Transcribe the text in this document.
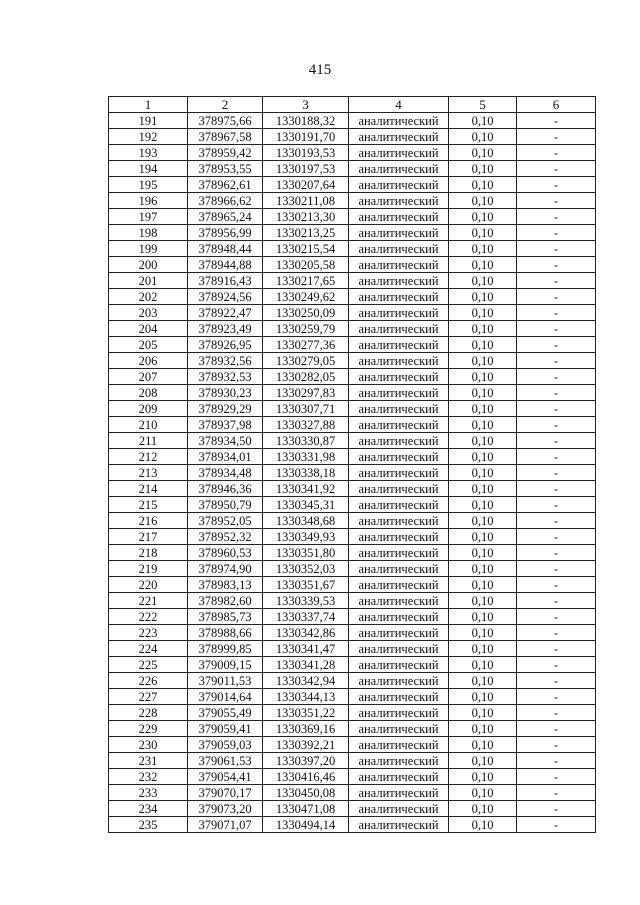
415
1	2	3	4	5	6
191	378975,66	1330188,32	аналитический	0,10	-
192	378967,58	1330191,70	аналитический	0,10	-
193	378959,42	1330193,53	аналитический	0,10	-
194	378953,55	1330197,53	аналитический	0,10	-
195	378962,61	1330207,64	аналитический	0,10	-
196	378966,62	1330211,08	аналитический	0,10	-
197	378965,24	1330213,30	аналитический	0,10	-
198	378956,99	1330213,25	аналитический	0,10	-
199	378948,44	1330215,54	аналитический	0,10	-
200	378944,88	1330205,58	аналитический	0,10	-
201	378916,43	1330217,65	аналитический	0,10	-
202	378924,56	1330249,62	аналитический	0,10	-
203	378922,47	1330250,09	аналитический	0,10	-
204	378923,49	1330259,79	аналитический	0,10	-
205	378926,95	1330277,36	аналитический	0,10	-
206	378932,56	1330279,05	аналитический	0,10	-
207	378932,53	1330282,05	аналитический	0,10	-
208	378930,23	1330297,83	аналитический	0,10	-
209	378929,29	1330307,71	аналитический	0,10	-
210	378937,98	1330327,88	аналитический	0,10	-
211	378934,50	1330330,87	аналитический	0,10	-
212	378934,01	1330331,98	аналитический	0,10	-
213	378934,48	1330338,18	аналитический	0,10	-
214	378946,36	1330341,92	аналитический	0,10	-
215	378950,79	1330345,31	аналитический	0,10	-
216	378952,05	1330348,68	аналитический	0,10	-
217	378952,32	1330349,93	аналитический	0,10	-
218	378960,53	1330351,80	аналитический	0,10	-
219	378974,90	1330352,03	аналитический	0,10	-
220	378983,13	1330351,67	аналитический	0,10	-
221	378982,60	1330339,53	аналитический	0,10	-
222	378985,73	1330337,74	аналитический	0,10	-
223	378988,66	1330342,86	аналитический	0,10	-
224	378999,85	1330341,47	аналитический	0,10	-
225	379009,15	1330341,28	аналитический	0,10	-
226	379011,53	1330342,94	аналитический	0,10	-
227	379014,64	1330344,13	аналитический	0,10	-
228	379055,49	1330351,22	аналитический	0,10	-
229	379059,41	1330369,16	аналитический	0,10	-
230	379059,03	1330392,21	аналитический	0,10	-
231	379061,53	1330397,20	аналитический	0,10	-
232	379054,41	1330416,46	аналитический	0,10	-
233	379070,17	1330450,08	аналитический	0,10	-
234	379073,20	1330471,08	аналитический	0,10	-
235	379071,07	1330494,14	аналитический	0,10	-
